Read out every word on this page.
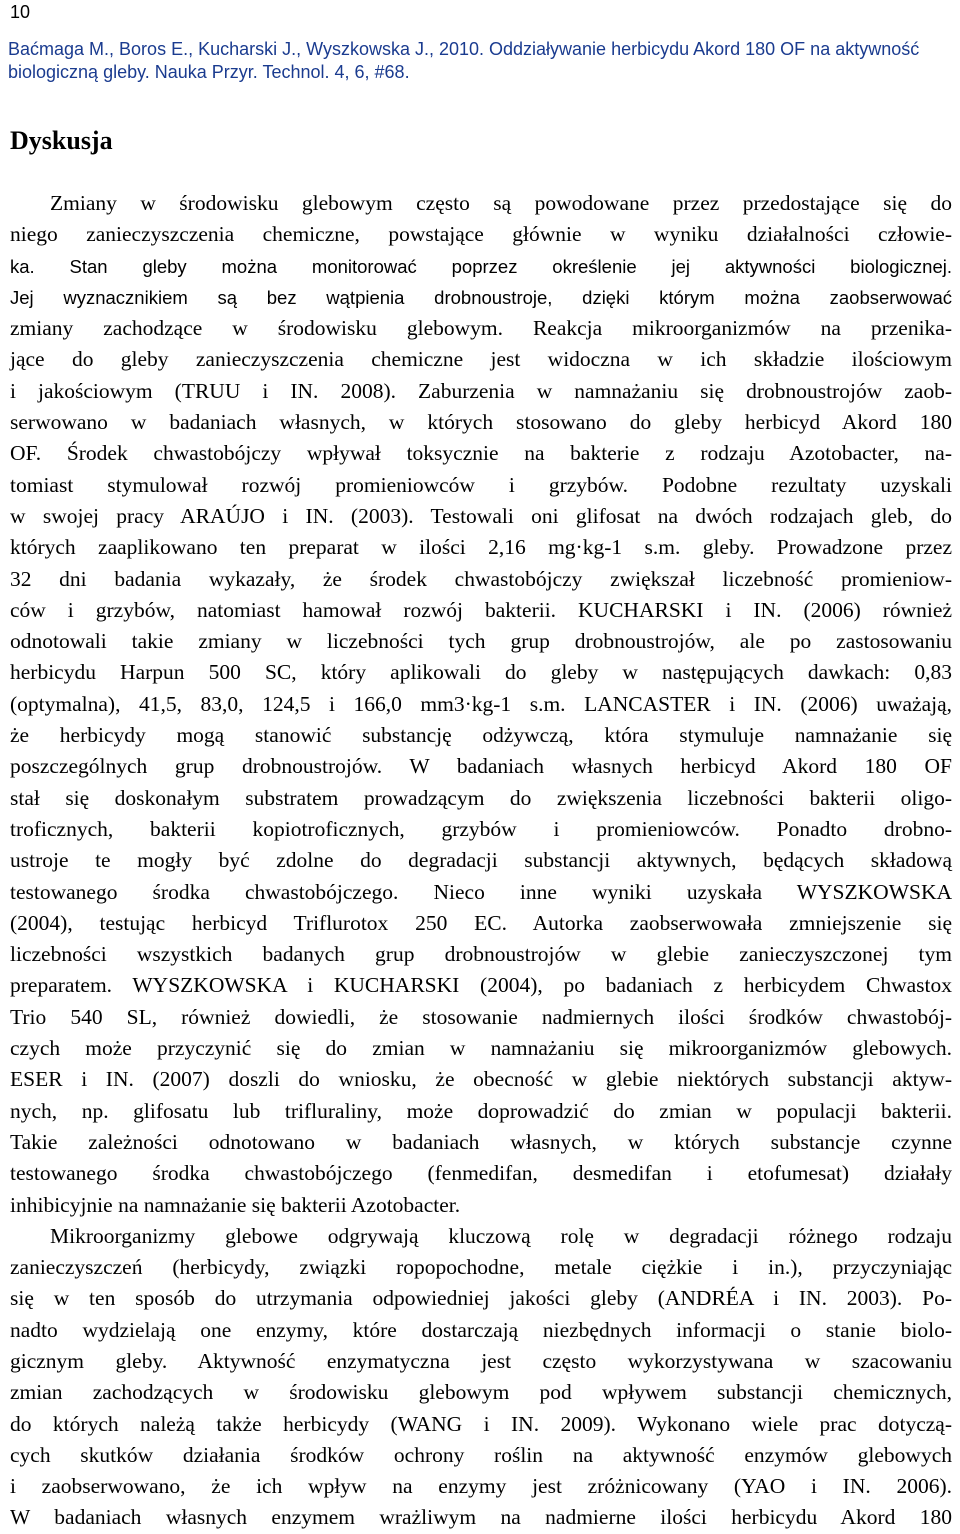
10
Baćmaga M., Boros E., Kucharski J., Wyszkowska J., 2010. Oddziaływanie herbicydu Akord 180 OF na aktywność biologiczną gleby. Nauka Przyr. Technol. 4, 6, #68.
Dyskusja
Zmiany w środowisku glebowym często są powodowane przez przedostające się do
niego zanieczyszczenia chemiczne, powstające głównie w wyniku działalności człowie-
ka. Stan gleby można monitorować poprzez określenie jej aktywności biologicznej.
Jej wyznacznikiem są bez wątpienia drobnoustroje, dzięki którym można zaobserwować
zmiany zachodzące w środowisku glebowym. Reakcja mikroorganizmów na przenika-
jące do gleby zanieczyszczenia chemiczne jest widoczna w ich składzie ilościowym
i jakościowym (TRUU i IN. 2008). Zaburzenia w namnażaniu się drobnoustrojów zaob-
serwowano w badaniach własnych, w których stosowano do gleby herbicyd Akord 180
OF. Środek chwastobójczy wpływał toksycznie na bakterie z rodzaju Azotobacter, na-
tomiast stymulował rozwój promieniowców i grzybów. Podobne rezultaty uzyskali
w swojej pracy ARAÚJO i IN. (2003). Testowali oni glifosat na dwóch rodzajach gleb, do
których zaaplikowano ten preparat w ilości 2,16 mg·kg-1 s.m. gleby. Prowadzone przez
32 dni badania wykazały, że środek chwastobójczy zwiększał liczebność promieniow-
ców i grzybów, natomiast hamował rozwój bakterii. KUCHARSKI i IN. (2006) również
odnotowali takie zmiany w liczebności tych grup drobnoustrojów, ale po zastosowaniu
herbicydu Harpun 500 SC, który aplikowali do gleby w następujących dawkach: 0,83
(optymalna), 41,5, 83,0, 124,5 i 166,0 mm3·kg-1 s.m. LANCASTER i IN. (2006) uważają,
że herbicydy mogą stanowić substancję odżywczą, która stymuluje namnażanie się
poszczególnych grup drobnoustrojów. W badaniach własnych herbicyd Akord 180 OF
stał się doskonałym substratem prowadzącym do zwiększenia liczebności bakterii oligo-
troficznych, bakterii kopiotroficznych, grzybów i promieniowców. Ponadto drobno-
ustroje te mogły być zdolne do degradacji substancji aktywnych, będących składową
testowanego środka chwastobójczego. Nieco inne wyniki uzyskała WYSZKOWSKA
(2004), testując herbicyd Triflurotox 250 EC. Autorka zaobserwowała zmniejszenie się
liczebności wszystkich badanych grup drobnoustrojów w glebie zanieczyszczonej tym
preparatem. WYSZKOWSKA i KUCHARSKI (2004), po badaniach z herbicydem Chwastox
Trio 540 SL, również dowiedli, że stosowanie nadmiernych ilości środków chwastobój-
czych może przyczynić się do zmian w namnażaniu się mikroorganizmów glebowych.
ESER i IN. (2007) doszli do wniosku, że obecność w glebie niektórych substancji aktyw-
nych, np. glifosatu lub trifluraliny, może doprowadzić do zmian w populacji bakterii.
Takie zależności odnotowano w badaniach własnych, w których substancje czynne
testowanego środka chwastobójczego (fenmedifan, desmedifan i etofumesat) działały
inhibicyjnie na namnażanie się bakterii Azotobacter.
Mikroorganizmy glebowe odgrywają kluczową rolę w degradacji różnego rodzaju
zanieczyszczeń (herbicydy, związki ropopochodne, metale ciężkie i in.), przyczyniając
się w ten sposób do utrzymania odpowiedniej jakości gleby (ANDRÉA i IN. 2003). Po-
nadto wydzielają one enzymy, które dostarczają niezbędnych informacji o stanie biolo-
gicznym gleby. Aktywność enzymatyczna jest często wykorzystywana w szacowaniu
zmian zachodzących w środowisku glebowym pod wpływem substancji chemicznych,
do których należą także herbicydy (WANG i IN. 2009). Wykonano wiele prac dotyczą-
cych skutków działania środków ochrony roślin na aktywność enzymów glebowych
i zaobserwowano, że ich wpływ na enzymy jest zróżnicowany (YAO i IN. 2006).
W badaniach własnych enzymem wrażliwym na nadmierne ilości herbicydu Akord 180
